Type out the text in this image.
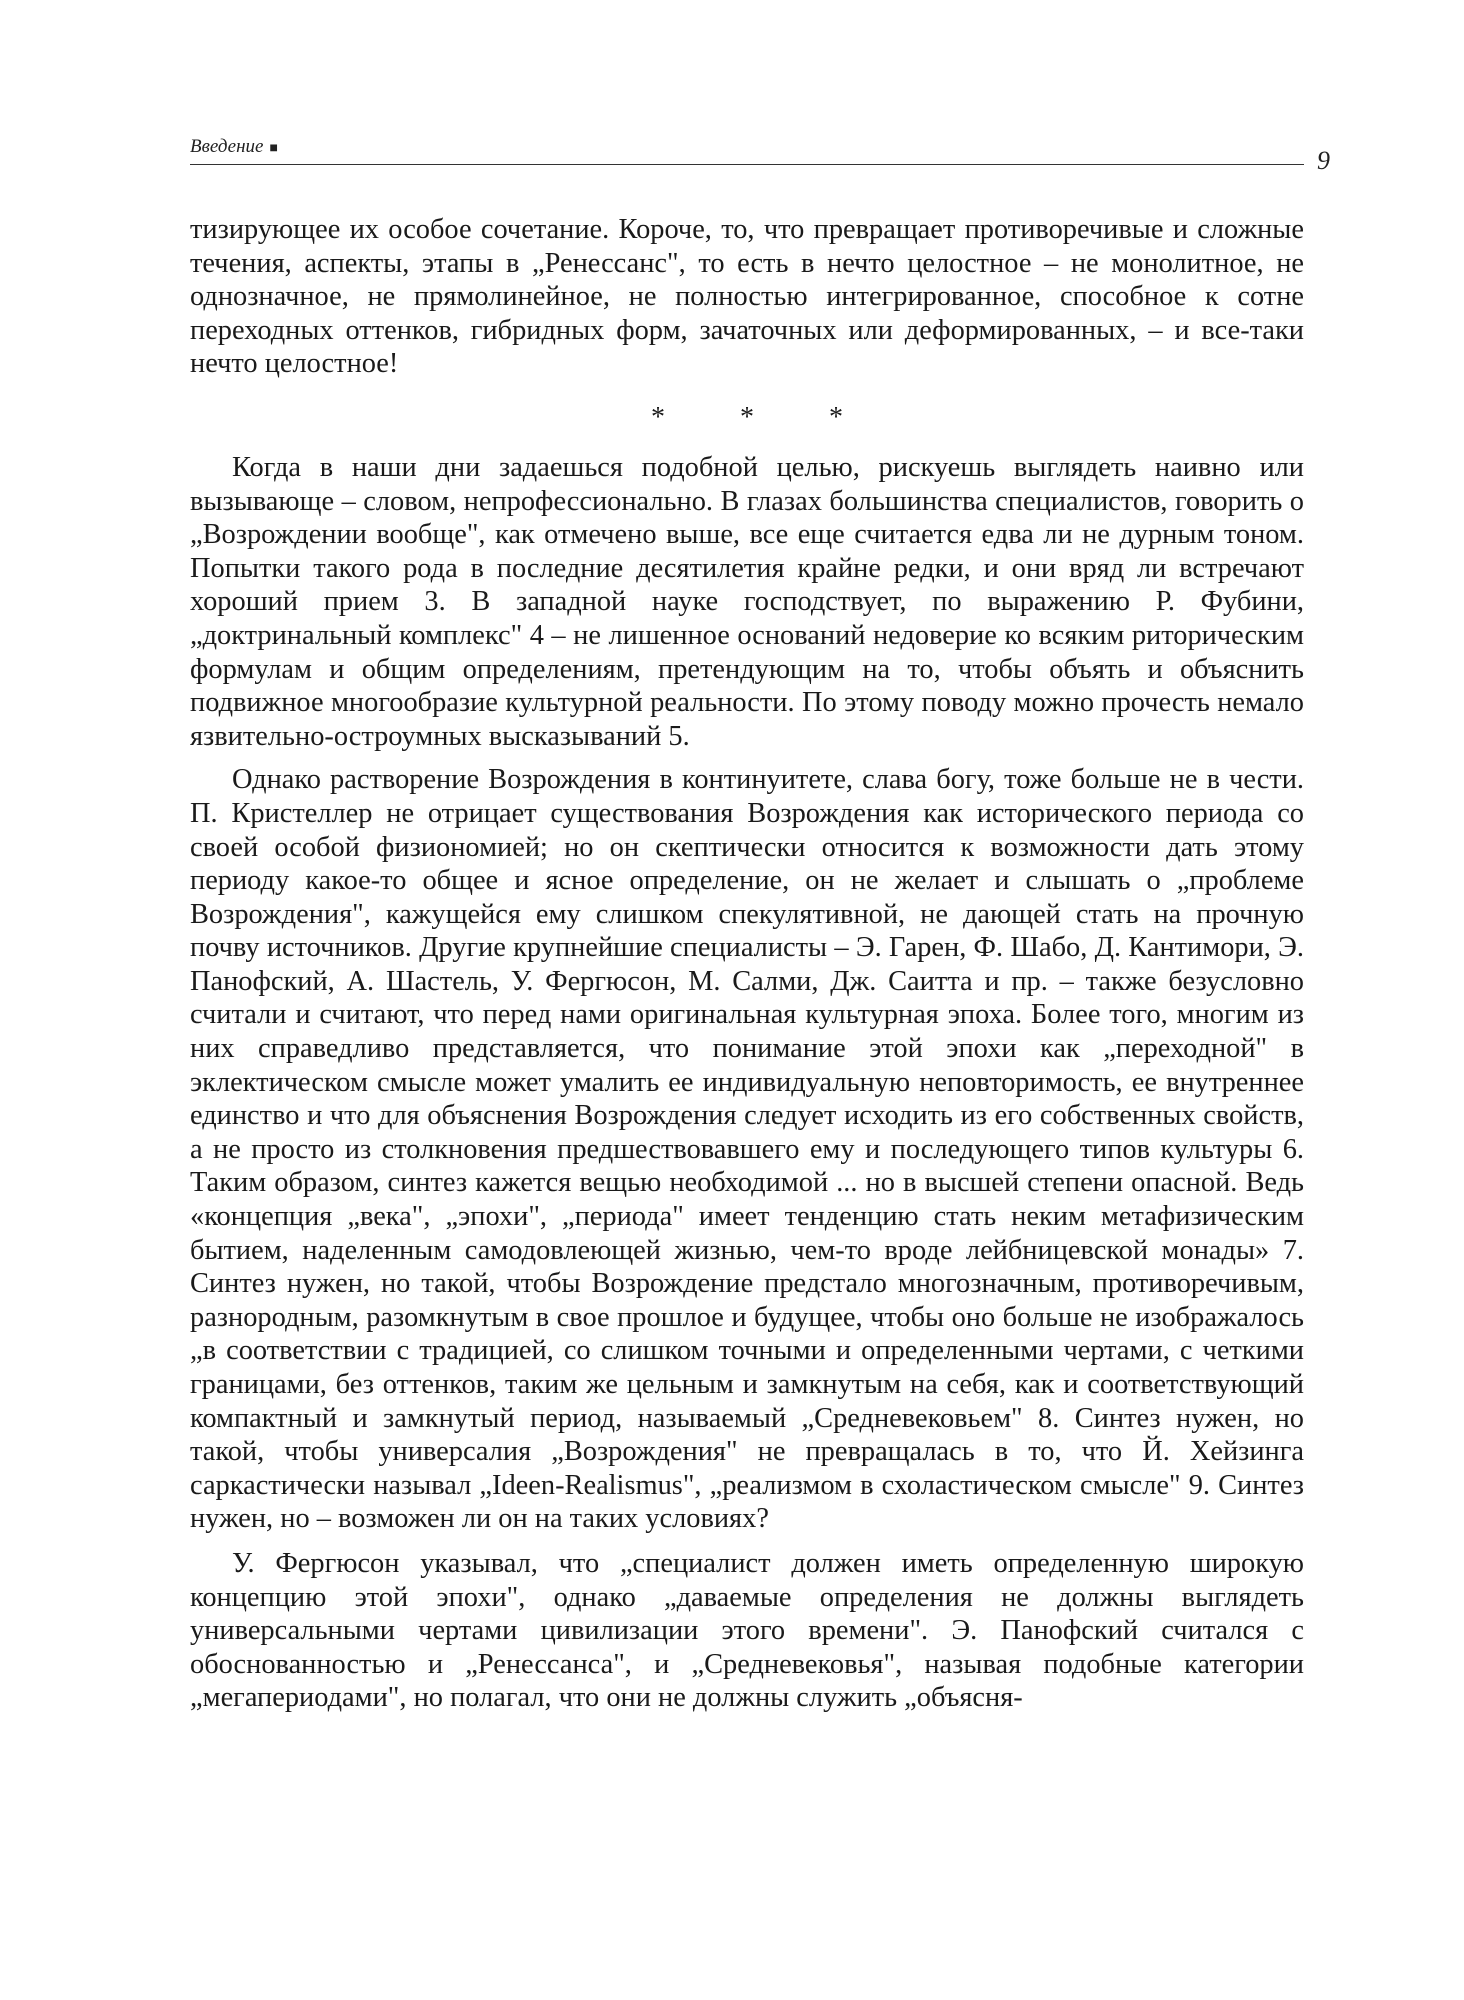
Введение ■	9

тизирующее их особое сочетание. Короче, то, что превращает противоречивые и сложные течения, аспекты, этапы в „Ренессанс", то есть в нечто целостное – не монолитное, не однозначное, не прямолинейное, не полностью интегрированное, способное к сотне переходных оттенков, гибридных форм, зачаточных или деформированных, – и все-таки нечто целостное!

* * *

Когда в наши дни задаешься подобной целью, рискуешь выглядеть наивно или вызывающе – словом, непрофессионально. В глазах большинства специалистов, говорить о „Возрождении вообще", как отмечено выше, все еще считается едва ли не дурным тоном. Попытки такого рода в последние десятилетия крайне редки, и они вряд ли встречают хороший прием 3. В западной науке господствует, по выражению Р. Фубини, „доктринальный комплекс" 4 – не лишенное оснований недоверие ко всяким риторическим формулам и общим определениям, претендующим на то, чтобы объять и объяснить подвижное многообразие культурной реальности. По этому поводу можно прочесть немало язвительно-остроумных высказываний 5.

Однако растворение Возрождения в континуитете, слава богу, тоже больше не в чести. П. Кристеллер не отрицает существования Возрождения как исторического периода со своей особой физиономией; но он скептически относится к возможности дать этому периоду какое-то общее и ясное определение, он не желает и слышать о „проблеме Возрождения", кажущейся ему слишком спекулятивной, не дающей стать на прочную почву источников. Другие крупнейшие специалисты – Э. Гарен, Ф. Шабо, Д. Кантимори, Э. Панофский, А. Шастель, У. Фергюсон, М. Салми, Дж. Саитта и пр. – также безусловно считали и считают, что перед нами оригинальная культурная эпоха. Более того, многим из них справедливо представляется, что понимание этой эпохи как „переходной" в эклектическом смысле может умалить ее индивидуальную неповторимость, ее внутреннее единство и что для объяснения Возрождения следует исходить из его собственных свойств, а не просто из столкновения предшествовавшего ему и последующего типов культуры 6. Таким образом, синтез кажется вещью необходимой ... но в высшей степени опасной. Ведь «концепция „века", „эпохи", „периода" имеет тенденцию стать неким метафизическим бытием, наделенным самодовлеющей жизнью, чем-то вроде лейбницевской монады» 7. Синтез нужен, но такой, чтобы Возрождение предстало многозначным, противоречивым, разнородным, разомкнутым в свое прошлое и будущее, чтобы оно больше не изображалось „в соответствии с традицией, со слишком точными и определенными чертами, с четкими границами, без оттенков, таким же цельным и замкнутым на себя, как и соответствующий компактный и замкнутый период, называемый „Средневековьем" 8. Синтез нужен, но такой, чтобы универсалия „Возрождения" не превращалась в то, что Й. Хейзинга саркастически называл „Ideen-Realismus", „реализмом в схоластическом смысле" 9. Синтез нужен, но – возможен ли он на таких условиях?

У. Фергюсон указывал, что „специалист должен иметь определенную широкую концепцию этой эпохи", однако „даваемые определения не должны выглядеть универсальными чертами цивилизации этого времени". Э. Панофский считался с обоснованностью и „Ренессанса", и „Средневековья", называя подобные категории „мегапериодами", но полагал, что они не должны служить „объясня-
